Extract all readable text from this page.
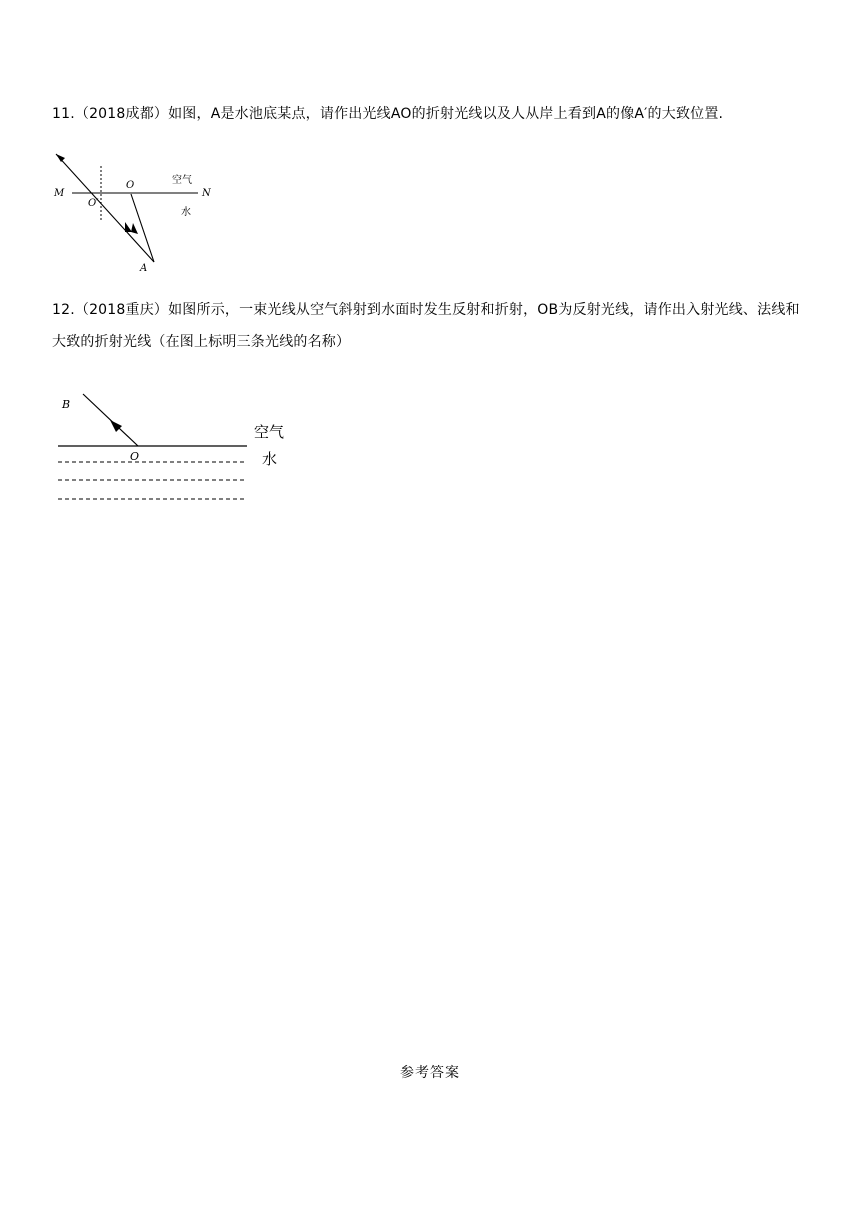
11.（2018成都）如图，A是水池底某点，请作出光线AO的折射光线以及人从岸上看到A的像A′的大致位置.
M	N
O
O′
A
空气
水
12.（2018重庆）如图所示，一束光线从空气斜射到水面时发生反射和折射，OB为反射光线，请作出入射光线、法线和大致的折射光线（在图上标明三条光线的名称）
B
O
空气
水
参考答案
